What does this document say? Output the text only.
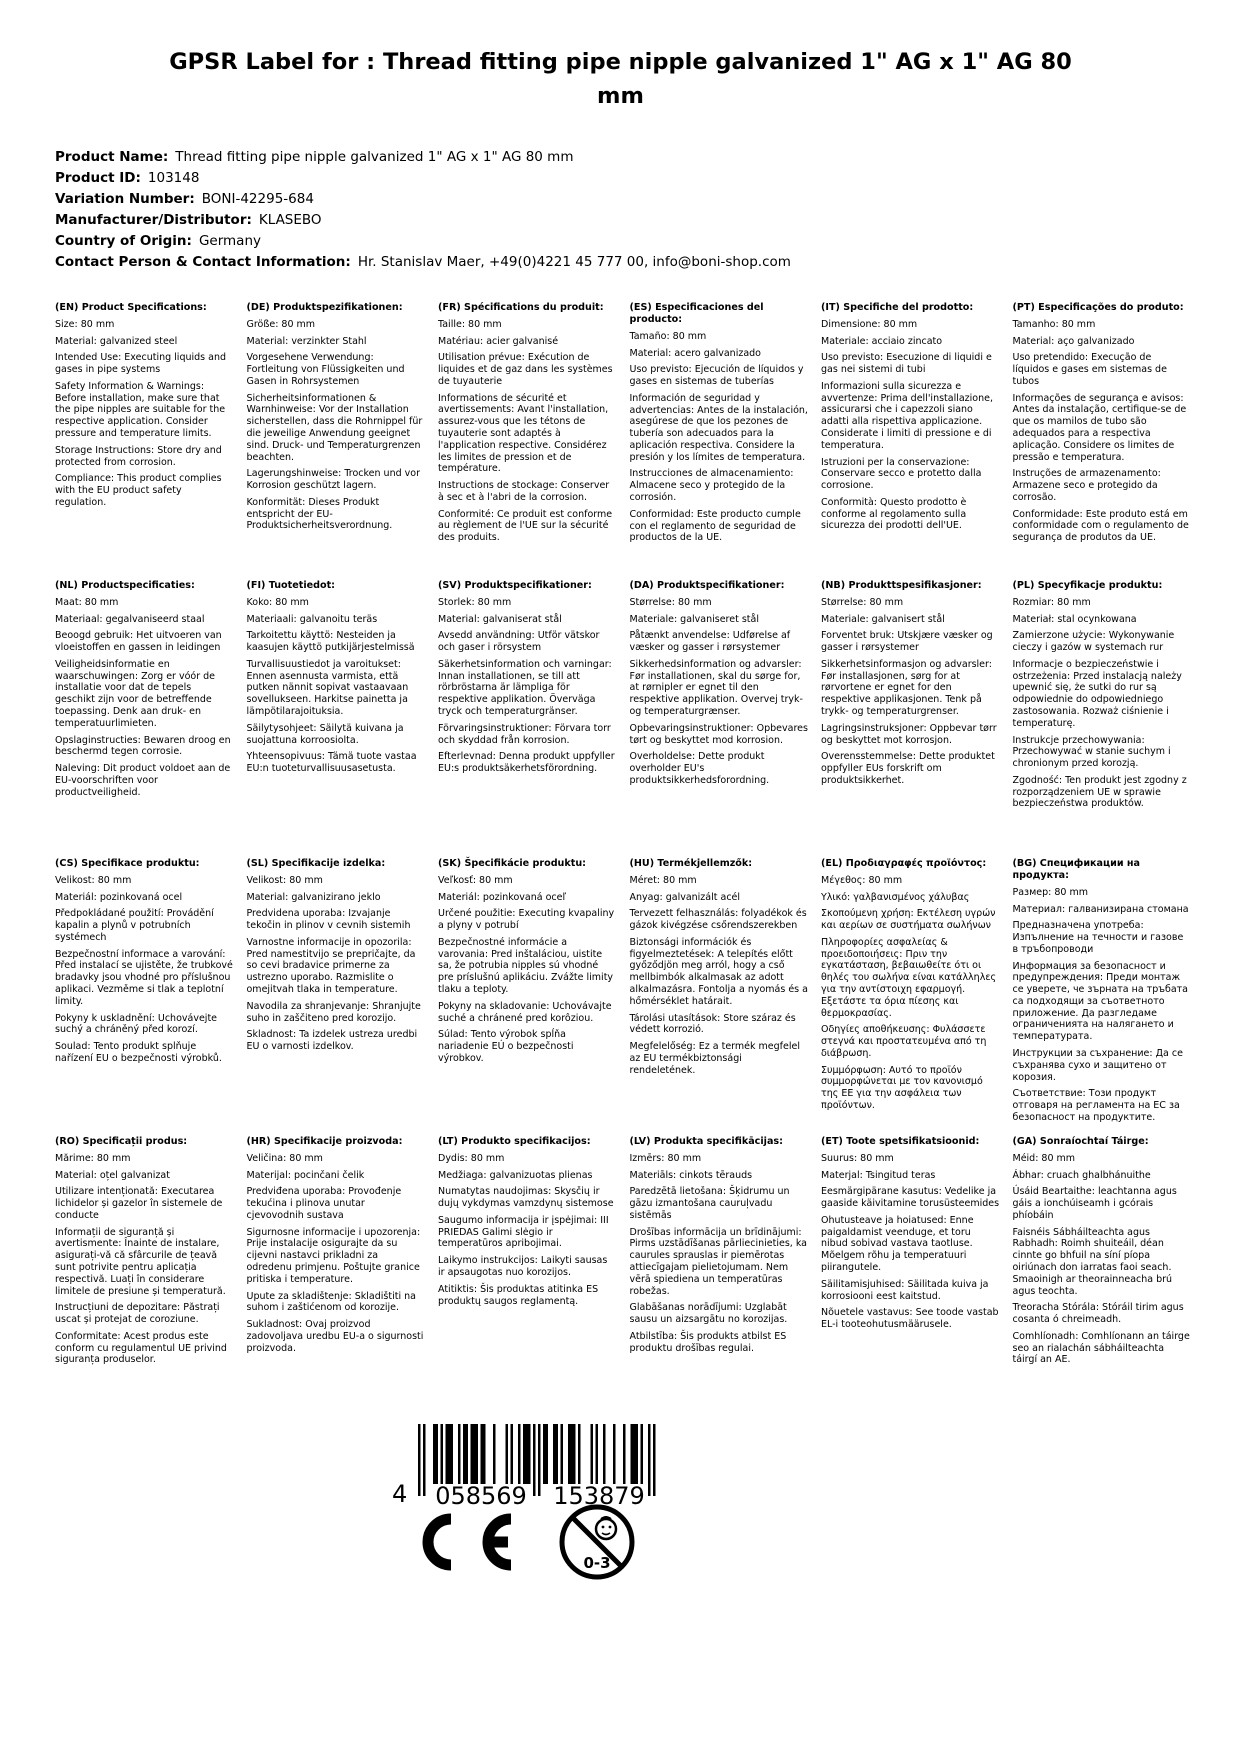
GPSR Label for : Thread fitting pipe nipple galvanized 1" AG x 1" AG 80 mm
Product Name: Thread fitting pipe nipple galvanized 1" AG x 1" AG 80 mm
Product ID: 103148
Variation Number: BONI-42295-684
Manufacturer/Distributor: KLASEBO
Country of Origin: Germany
Contact Person & Contact Information: Hr. Stanislav Maer, +49(0)4221 45 777 00, info@boni-shop.com

(EN) Product Specifications:

Size: 80 mm

Material: galvanized steel

Intended Use: Executing liquids and gases in pipe systems

Safety Information & Warnings: Before installation, make sure that the pipe nipples are suitable for the respective application. Consider pressure and temperature limits.

Storage Instructions: Store dry and protected from corrosion.

Compliance: This product complies with the EU product safety regulation.

(DE) Produktspezifikationen:

Größe: 80 mm

Material: verzinkter Stahl

Vorgesehene Verwendung: Fortleitung von Flüssigkeiten und Gasen in Rohrsystemen

Sicherheitsinformationen & Warnhinweise: Vor der Installation sicherstellen, dass die Rohrnippel für die jeweilige Anwendung geeignet sind. Druck- und Temperaturgrenzen beachten.

Lagerungshinweise: Trocken und vor Korrosion geschützt lagern.

Konformität: Dieses Produkt entspricht der EU-Produktsicherheitsverordnung.

(FR) Spécifications du produit:

Taille: 80 mm

Matériau: acier galvanisé

Utilisation prévue: Exécution de liquides et de gaz dans les systèmes de tuyauterie

Informations de sécurité et avertissements: Avant l'installation, assurez-vous que les tétons de tuyauterie sont adaptés à l'application respective. Considérez les limites de pression et de température.

Instructions de stockage: Conserver à sec et à l'abri de la corrosion.

Conformité: Ce produit est conforme au règlement de l'UE sur la sécurité des produits.

(ES) Especificaciones del producto:

Tamaño: 80 mm

Material: acero galvanizado

Uso previsto: Ejecución de líquidos y gases en sistemas de tuberías

Información de seguridad y advertencias: Antes de la instalación, asegúrese de que los pezones de tubería son adecuados para la aplicación respectiva. Considere la presión y los límites de temperatura.

Instrucciones de almacenamiento: Almacene seco y protegido de la corrosión.

Conformidad: Este producto cumple con el reglamento de seguridad de productos de la UE.

(IT) Specifiche del prodotto:

Dimensione: 80 mm

Materiale: acciaio zincato

Uso previsto: Esecuzione di liquidi e gas nei sistemi di tubi

Informazioni sulla sicurezza e avvertenze: Prima dell'installazione, assicurarsi che i capezzoli siano adatti alla rispettiva applicazione. Considerate i limiti di pressione e di temperatura.

Istruzioni per la conservazione: Conservare secco e protetto dalla corrosione.

Conformità: Questo prodotto è conforme al regolamento sulla sicurezza dei prodotti dell'UE.

(PT) Especificações do produto:

Tamanho: 80 mm

Material: aço galvanizado

Uso pretendido: Execução de líquidos e gases em sistemas de tubos

Informações de segurança e avisos: Antes da instalação, certifique-se de que os mamilos de tubo são adequados para a respectiva aplicação. Considere os limites de pressão e temperatura.

Instruções de armazenamento: Armazene seco e protegido da corrosão.

Conformidade: Este produto está em conformidade com o regulamento de segurança de produtos da UE.

(NL) Productspecificaties:

Maat: 80 mm

Materiaal: gegalvaniseerd staal

Beoogd gebruik: Het uitvoeren van vloeistoffen en gassen in leidingen

Veiligheidsinformatie en waarschuwingen: Zorg er vóór de installatie voor dat de tepels geschikt zijn voor de betreffende toepassing. Denk aan druk- en temperatuurlimieten.

Opslaginstructies: Bewaren droog en beschermd tegen corrosie.

Naleving: Dit product voldoet aan de EU-voorschriften voor productveiligheid.

(FI) Tuotetiedot:

Koko: 80 mm

Materiaali: galvanoitu teräs

Tarkoitettu käyttö: Nesteiden ja kaasujen käyttö putkijärjestelmissä

Turvallisuustiedot ja varoitukset: Ennen asennusta varmista, että putken nännit sopivat vastaavaan sovellukseen. Harkitse painetta ja lämpötilarajoituksia.

Säilytysohjeet: Säilytä kuivana ja suojattuna korroosiolta.

Yhteensopivuus: Tämä tuote vastaa EU:n tuoteturvallisuusasetusta.

(SV) Produktspecifikationer:

Storlek: 80 mm

Material: galvaniserat stål

Avsedd användning: Utför vätskor och gaser i rörsystem

Säkerhetsinformation och varningar: Innan installationen, se till att rörbröstarna är lämpliga för respektive applikation. Överväga tryck och temperaturgränser.

Förvaringsinstruktioner: Förvara torr och skyddad från korrosion.

Efterlevnad: Denna produkt uppfyller EU:s produktsäkerhetsförordning.

(DA) Produktspecifikationer:

Størrelse: 80 mm

Materiale: galvaniseret stål

Påtænkt anvendelse: Udførelse af væsker og gasser i rørsystemer

Sikkerhedsinformation og advarsler: Før installationen, skal du sørge for, at rørnipler er egnet til den respektive applikation. Overvej tryk- og temperaturgrænser.

Opbevaringsinstruktioner: Opbevares tørt og beskyttet mod korrosion.

Overholdelse: Dette produkt overholder EU's produktsikkerhedsforordning.

(NB) Produkttspesifikasjoner:

Størrelse: 80 mm

Materiale: galvanisert stål

Forventet bruk: Utskjære væsker og gasser i rørsystemer

Sikkerhetsinformasjon og advarsler: Før installasjonen, sørg for at rørvortene er egnet for den respektive applikasjonen. Tenk på trykk- og temperaturgrenser.

Lagringsinstruksjoner: Oppbevar tørr og beskyttet mot korrosjon.

Overensstemmelse: Dette produktet oppfyller EUs forskrift om produktsikkerhet.

(PL) Specyfikacje produktu:

Rozmiar: 80 mm

Materiał: stal ocynkowana

Zamierzone użycie: Wykonywanie cieczy i gazów w systemach rur

Informacje o bezpieczeństwie i ostrzeżenia: Przed instalacją należy upewnić się, że sutki do rur są odpowiednie do odpowiedniego zastosowania. Rozważ ciśnienie i temperaturę.

Instrukcje przechowywania: Przechowywać w stanie suchym i chronionym przed korozją.

Zgodność: Ten produkt jest zgodny z rozporządzeniem UE w sprawie bezpieczeństwa produktów.

(CS) Specifikace produktu:

Velikost: 80 mm

Materiál: pozinkovaná ocel

Předpokládané použití: Provádění kapalin a plynů v potrubních systémech

Bezpečnostní informace a varování: Před instalací se ujistěte, že trubkové bradavky jsou vhodné pro příslušnou aplikaci. Vezměme si tlak a teplotní limity.

Pokyny k uskladnění: Uchovávejte suchý a chráněný před korozí.

Soulad: Tento produkt splňuje nařízení EU o bezpečnosti výrobků.

(SL) Specifikacije izdelka:

Velikost: 80 mm

Material: galvanizirano jeklo

Predvidena uporaba: Izvajanje tekočin in plinov v cevnih sistemih

Varnostne informacije in opozorila: Pred namestitvijo se prepričajte, da so cevi bradavice primerne za ustrezno uporabo. Razmislite o omejitvah tlaka in temperature.

Navodila za shranjevanje: Shranjujte suho in zaščiteno pred korozijo.

Skladnost: Ta izdelek ustreza uredbi EU o varnosti izdelkov.

(SK) Špecifikácie produktu:

Veľkosť: 80 mm

Materiál: pozinkovaná oceľ

Určené použitie: Executing kvapaliny a plyny v potrubí

Bezpečnostné informácie a varovania: Pred inštaláciou, uistite sa, že potrubia nipples sú vhodné pre príslušnú aplikáciu. Zvážte limity tlaku a teploty.

Pokyny na skladovanie: Uchovávajte suché a chránené pred korôziou.

Súlad: Tento výrobok spĺňa nariadenie EÚ o bezpečnosti výrobkov.

(HU) Termékjellemzők:

Méret: 80 mm

Anyag: galvanizált acél

Tervezett felhasználás: folyadékok és gázok kivégzése csőrendszerekben

Biztonsági információk és figyelmeztetések: A telepítés előtt győződjön meg arról, hogy a cső mellbimbók alkalmasak az adott alkalmazásra. Fontolja a nyomás és a hőmérséklet határait.

Tárolási utasítások: Store száraz és védett korrozió.

Megfelelőség: Ez a termék megfelel az EU termékbiztonsági rendeletének.

(EL) Προδιαγραφές προϊόντος:

Μέγεθος: 80 mm

Υλικό: γαλβανισμένος χάλυβας

Σκοπούμενη χρήση: Εκτέλεση υγρών και αερίων σε συστήματα σωλήνων

Πληροφορίες ασφαλείας & προειδοποιήσεις: Πριν την εγκατάσταση, βεβαιωθείτε ότι οι θηλές του σωλήνα είναι κατάλληλες για την αντίστοιχη εφαρμογή. Εξετάστε τα όρια πίεσης και θερμοκρασίας.

Οδηγίες αποθήκευσης: Φυλάσσετε στεγνά και προστατευμένα από τη διάβρωση.

Συμμόρφωση: Αυτό το προϊόν συμμορφώνεται με τον κανονισμό της ΕΕ για την ασφάλεια των προϊόντων.

(BG) Спецификации на продукта:

Размер: 80 mm

Материал: галванизирана стомана

Предназначена употреба: Изпълнение на течности и газове в тръбопроводи

Информация за безопасност и предупреждения: Преди монтаж се уверете, че зърната на тръбата са подходящи за съответното приложение. Да разгледаме ограниченията на налягането и температурата.

Инструкции за съхранение: Да се съхранява сухо и защитено от корозия.

Съответствие: Този продукт отговаря на регламента на ЕС за безопасност на продуктите.

(RO) Specificații produs:

Mărime: 80 mm

Material: oțel galvanizat

Utilizare intenționată: Executarea lichidelor și gazelor în sistemele de conducte

Informații de siguranță și avertismente: Înainte de instalare, asigurați-vă că sfârcurile de țeavă sunt potrivite pentru aplicația respectivă. Luați în considerare limitele de presiune și temperatură.

Instrucțiuni de depozitare: Păstrați uscat și protejat de coroziune.

Conformitate: Acest produs este conform cu regulamentul UE privind siguranța produselor.

(HR) Specifikacije proizvoda:

Veličina: 80 mm

Materijal: pocinčani čelik

Predviđena uporaba: Provođenje tekućina i plinova unutar cjevovodnih sustava

Sigurnosne informacije i upozorenja: Prije instalacije osigurajte da su cijevni nastavci prikladni za odredenu primjenu. Poštujte granice pritiska i temperature.

Upute za skladištenje: Skladištiti na suhom i zaštićenom od korozije.

Sukladnost: Ovaj proizvod zadovoljava uredbu EU-a o sigurnosti proizvoda.

(LT) Produkto specifikacijos:

Dydis: 80 mm

Medžiaga: galvanizuotas plienas

Numatytas naudojimas: Skysčių ir dujų vykdymas vamzdynų sistemose

Saugumo informacija ir įspėjimai: III PRIEDAS Galimi slėgio ir temperatūros apribojimai.

Laikymo instrukcijos: Laikyti sausas ir apsaugotas nuo korozijos.

Atitiktis: Šis produktas atitinka ES produktų saugos reglamentą.

(LV) Produkta specifikācijas:

Izmērs: 80 mm

Materiāls: cinkots tērauds

Paredzētā lietošana: Šķidrumu un gāzu izmantošana cauruļvadu sistēmās

Drošības informācija un brīdinājumi: Pirms uzstādīšanas pārliecinieties, ka caurules sprauslas ir piemērotas attiecīgajam pielietojumam. Nem vērā spiediena un temperatūras robežas.

Glabāšanas norādījumi: Uzglabāt sausu un aizsargātu no korozijas.

Atbilstība: Šis produkts atbilst ES produktu drošības regulai.

(ET) Toote spetsifikatsioonid:

Suurus: 80 mm

Materjal: Tsingitud teras

Eesmärgipärane kasutus: Vedelike ja gaaside käivitamine torusüsteemides

Ohutusteave ja hoiatused: Enne paigaldamist veenduge, et toru nibud sobivad vastava taotluse. Mõelgem rõhu ja temperatuuri piirangutele.

Säilitamisjuhised: Säilitada kuiva ja korrosiooni eest kaitstud.

Nõuetele vastavus: See toode vastab EL-i tooteohutusmäärusele.

(GA) Sonraíochtaí Táirge:

Méid: 80 mm

Ábhar: cruach ghalbhánuithe

Úsáid Beartaithe: leachtanna agus gáis a ionchúiseamh i gcórais phíobáin

Faisnéis Sábháilteachta agus Rabhadh: Roimh shuiteáil, déan cinnte go bhfuil na síní píopa oiriúnach don iarratas faoi seach. Smaoinigh ar theorainneacha brú agus teochta.

Treoracha Stórála: Stóráil tirim agus cosanta ó chreimeadh.

Comhlíonadh: Comhlíonann an táirge seo an rialachán sábháilteachta táirgí an AE.

4 058569 153879
0-3
